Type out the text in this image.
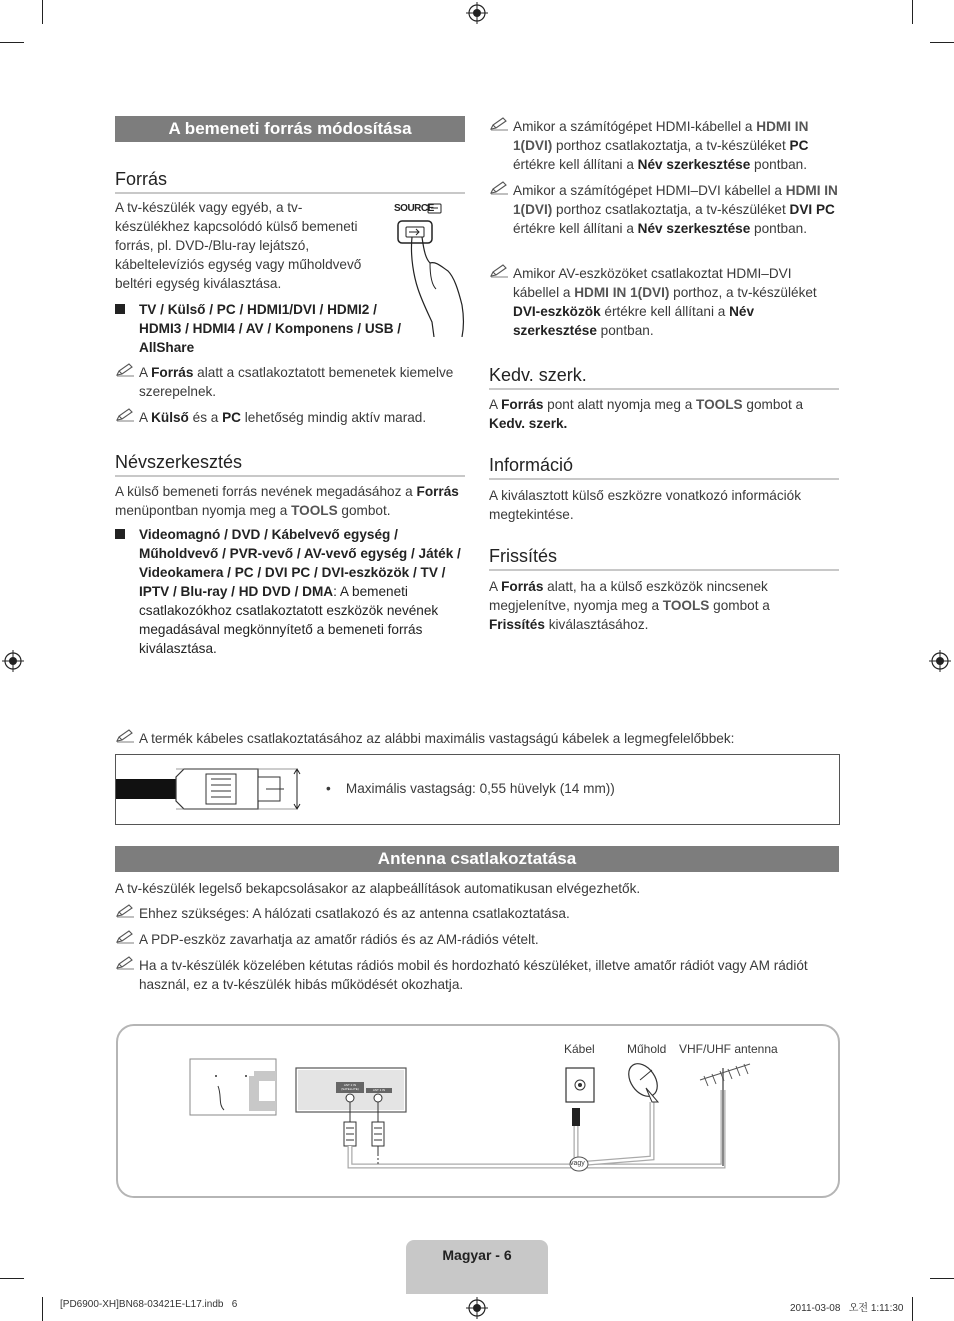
A bemeneti forrás módosítása
Forrás

A tv-készülék vagy egyéb, a tv-készülékhez kapcsolódó külső bemeneti forrás, pl. DVD-/Blu-ray lejátszó, kábeltelevíziós egység vagy műholdvevő beltéri egység kiválasztása.

SOURCE
TV / Külső / PC / HDMI1/DVI / HDMI2 / HDMI3 / HDMI4 / AV / Komponens / USB / AllShare
A Forrás alatt a csatlakoztatott bemenetek kiemelve szerepelnek.
A Külső és a PC lehetőség mindig aktív marad.
Névszerkesztés

A külső bemeneti forrás nevének megadásához a Forrás menüpontban nyomja meg a TOOLS gombot.

Videomagnó / DVD / Kábelvevő egység / Műholdvevő / PVR-vevő / AV-vevő egység / Játék / Videokamera / PC / DVI PC / DVI-eszközök / TV / IPTV / Blu-ray / HD DVD / DMA: A bemeneti csatlakozókhoz csatlakoztatott eszközök nevének megadásával megkönnyítető a bemeneti forrás kiválasztása.
Amikor a számítógépet HDMI-kábellel a HDMI IN 1(DVI) porthoz csatlakoztatja, a tv-készüléket PC értékre kell állítani a Név szerkesztése pontban.
Amikor a számítógépet HDMI–DVI kábellel a HDMI IN 1(DVI) porthoz csatlakoztatja, a tv-készüléket DVI PC értékre kell állítani a Név szerkesztése pontban.
Amikor AV-eszközöket csatlakoztat HDMI–DVI kábellel a HDMI IN 1(DVI) porthoz, a tv-készüléket DVI-eszközök értékre kell állítani a Név szerkesztése pontban.
Kedv. szerk.

A Forrás pont alatt nyomja meg a TOOLS gombot a Kedv. szerk.

Információ

A kiválasztott külső eszközre vonatkozó információk megtekintése.

Frissítés

A Forrás alatt, ha a külső eszközök nincsenek megjelenítve, nyomja meg a TOOLS gombot a Frissítés kiválasztásához.

A termék kábeles csatlakoztatásához az alábbi maximális vastagságú kábelek a legmegfelelőbbek:
•    Maximális vastagság: 0,55 hüvelyk (14 mm))
Antenna csatlakoztatása

A tv-készülék legelső bekapcsolásakor az alapbeállítások automatikusan elvégezhetők.

Ehhez szükséges: A hálózati csatlakozó és az antenna csatlakoztatása.
A PDP-eszköz zavarhatja az amatőr rádiós és az AM-rádiós vételt.
Ha a tv-készülék közelében kétutas rádiós mobil és hordozható készüléket, illetve amatőr rádiót vagy AM rádiót használ, ez a tv-készülék hibás működését okozhatja.
ANT 2 IN (SATELLITE)	ANT 1 IN
Kábel	Műhold VHF/UHF antenna
vagy
Magyar - 6
[PD6900-XH]BN68-03421E-L17.indb   6	2011-03-08   오전 1:11:30
